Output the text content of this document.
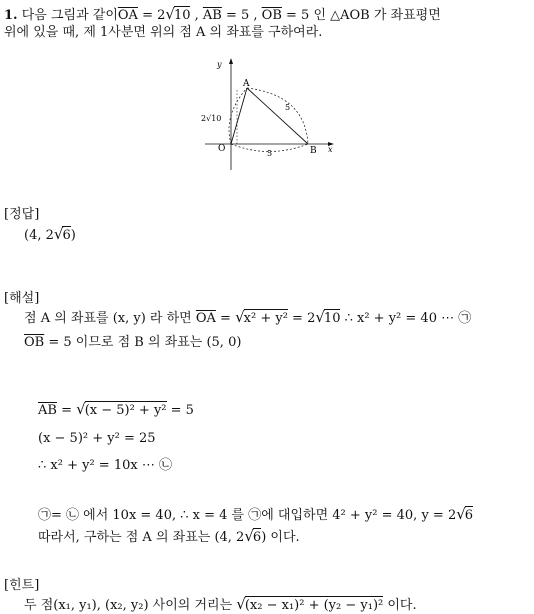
1. 다음 그림과 같이$\overline{OA} = 2√10$ , $\overline{AB} = 5$ , $\overline{OB} = 5$ 인 △AOB 가 좌표평면
위에 있을 때, 제 1사분면 위의 점 A 의 좌표를 구하여라.
y
x
A
O	B
2√10
5
5
[정답]
(4, 2√6)
[해설]
점 A 의 좌표를 (x, y) 라 하면 $\overline{OA} = √x^2 + y^2 = 2√10$ ∴ x² + y² = 40 ⋯ ㉠
$\overline{OB} = 5$ 이므로 점 B 의 좌표는 (5, 0)
$\overline{AB} = √(x - 5)^2 + y^2 = 5$
(x − 5)² + y² = 25
∴ x² + y² = 10x ⋯ ㉡
㉠= ㉡ 에서 10x = 40, ∴ x = 4 를 ㉠에 대입하면 4² + y² = 40, y = 2√6
따라서, 구하는 점 A 의 좌표는 (4, 2√6) 이다.
[힌트]
두 점(x₁, y₁), (x₂, y₂) 사이의 거리는 √(x₂ − x₁)² + (y₂ − y₁)² 이다.
